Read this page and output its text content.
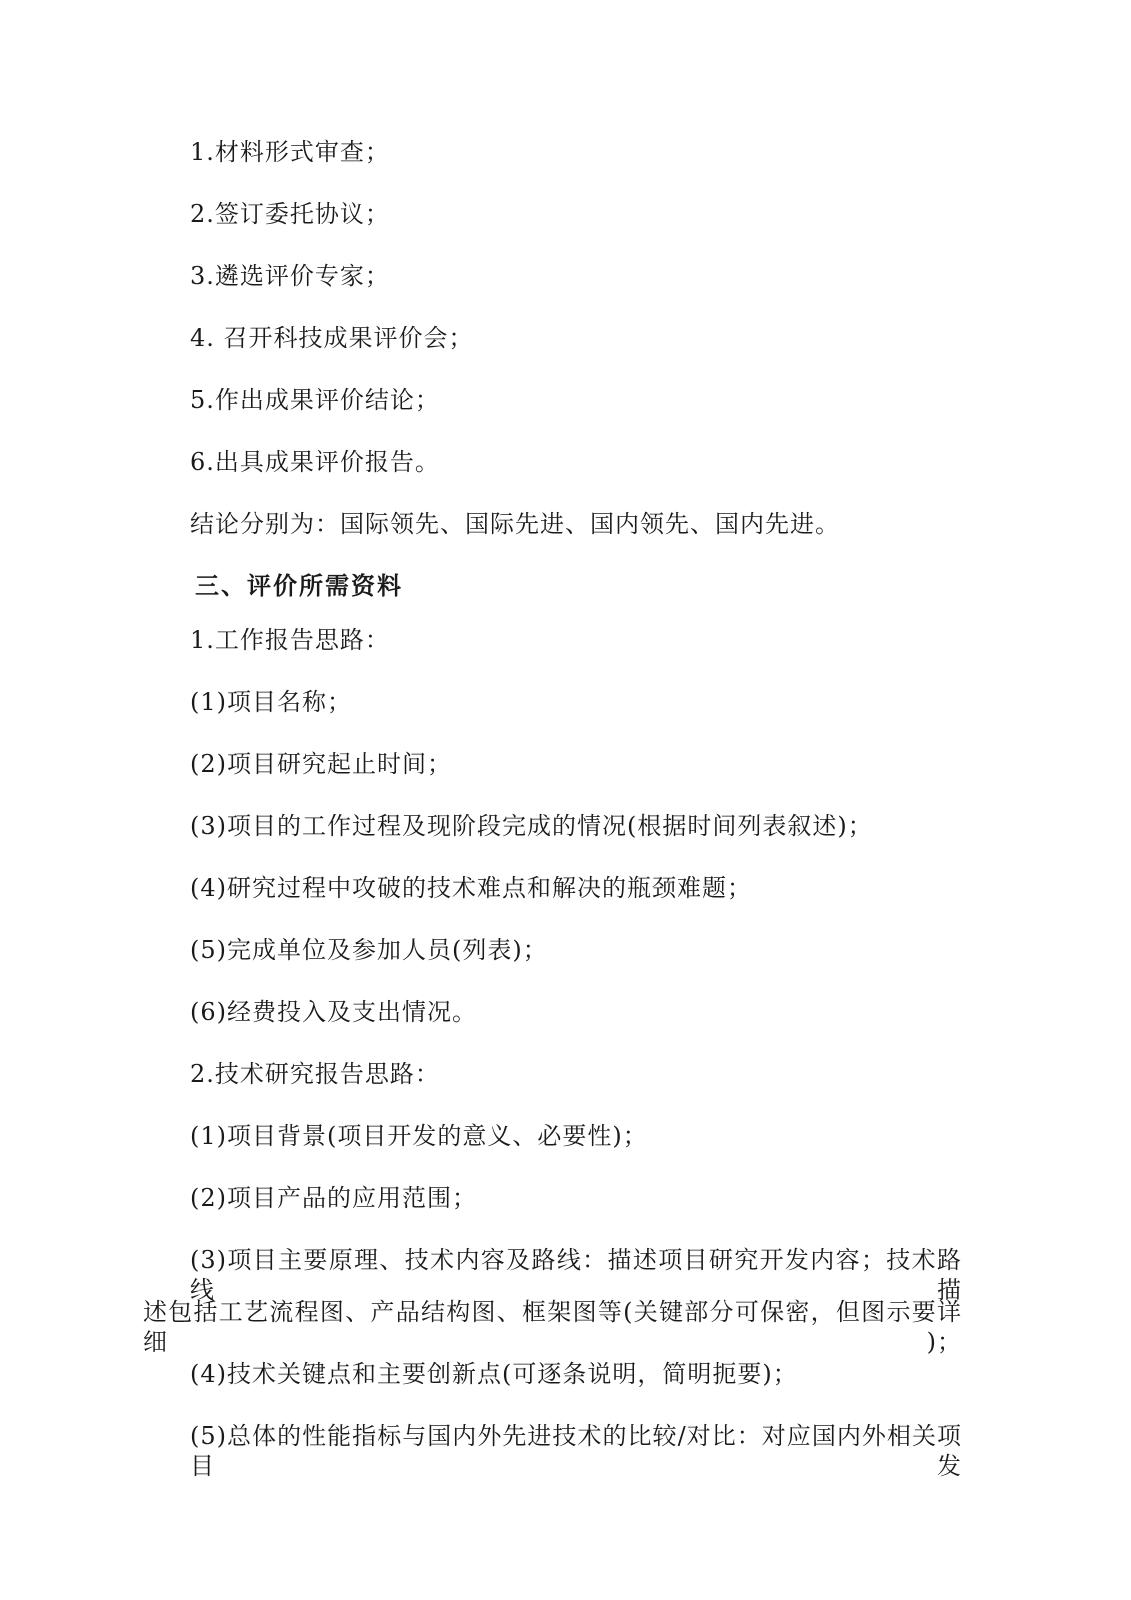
1.材料形式审查；
2.签订委托协议；
3.遴选评价专家；
4. 召开科技成果评价会；
5.作出成果评价结论；
6.出具成果评价报告。
结论分别为：国际领先、国际先进、国内领先、国内先进。
三、评价所需资料
1.工作报告思路：
(1)项目名称；
(2)项目研究起止时间；
(3)项目的工作过程及现阶段完成的情况(根据时间列表叙述)；
(4)研究过程中攻破的技术难点和解决的瓶颈难题；
(5)完成单位及参加人员(列表)；
(6)经费投入及支出情况。
2.技术研究报告思路：
(1)项目背景(项目开发的意义、必要性)；
(2)项目产品的应用范围；
(3)项目主要原理、技术内容及路线：描述项目研究开发内容；技术路线描
述包括工艺流程图、产品结构图、框架图等(关键部分可保密，但图示要详细)；
(4)技术关键点和主要创新点(可逐条说明，简明扼要)；
(5)总体的性能指标与国内外先进技术的比较/对比：对应国内外相关项目发
